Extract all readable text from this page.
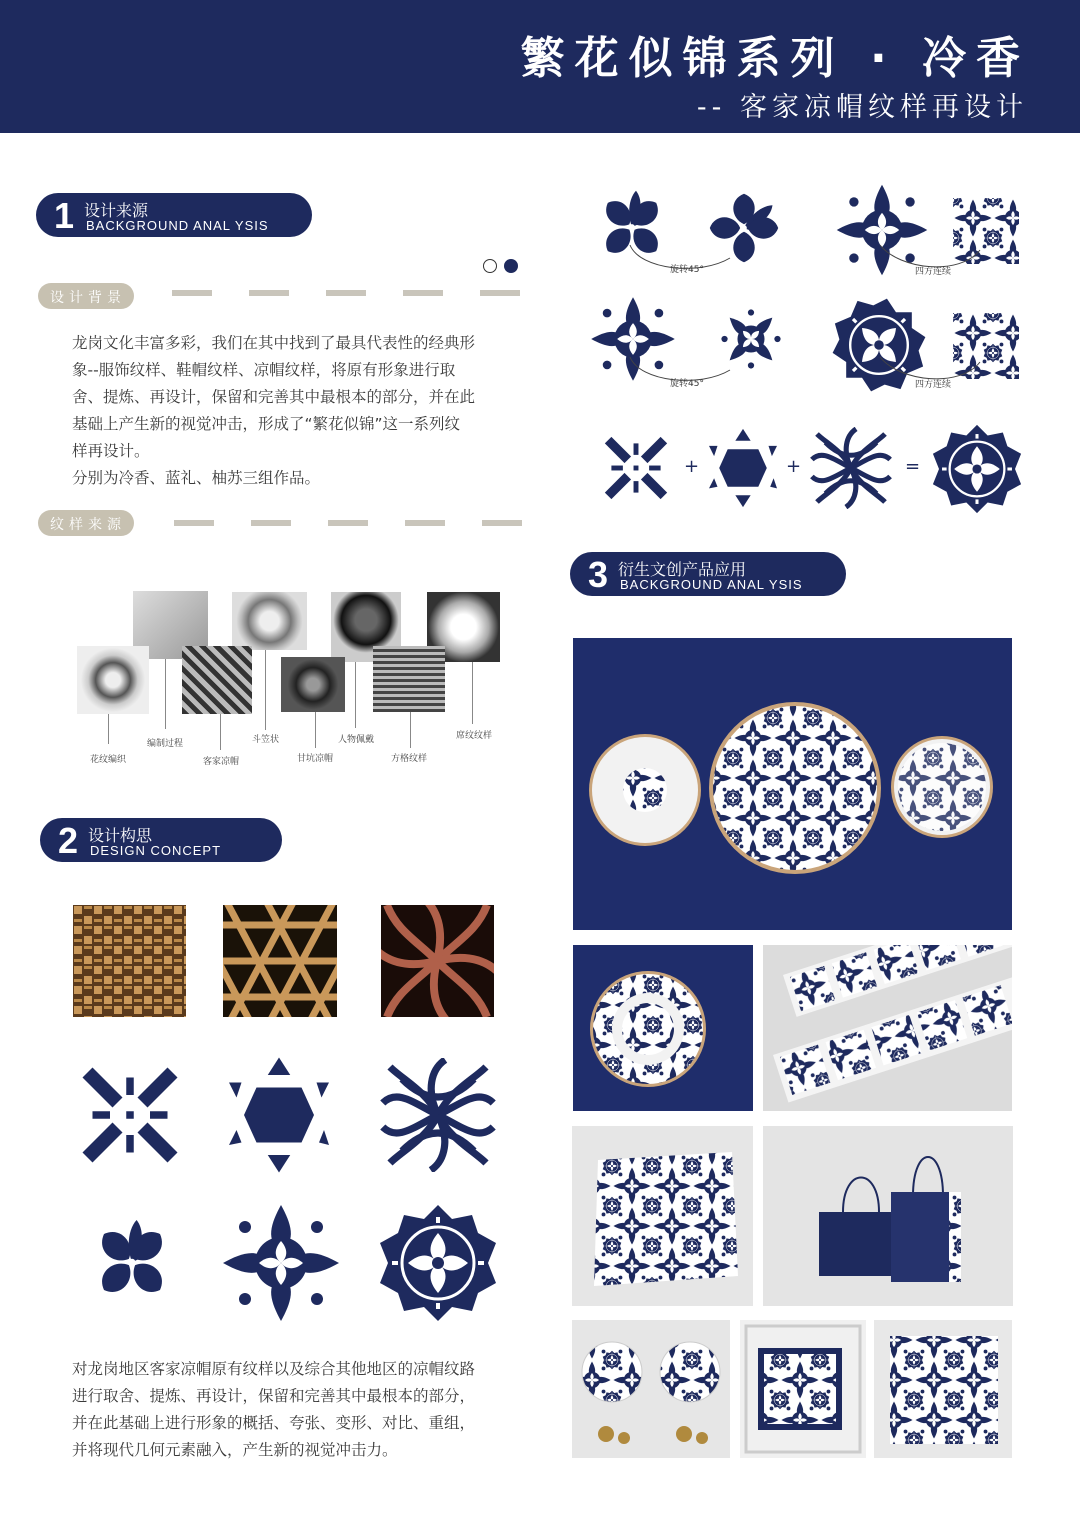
繁花似锦系列 · 冷香
-- 客家凉帽纹样再设计
1 设计来源
BACKGROUND ANAL YSIS
设计背景
龙岗文化丰富多彩，我们在其中找到了最具代表性的经典形
象--服饰纹样、鞋帽纹样、凉帽纹样，将原有形象进行取
舍、提炼、再设计，保留和完善其中最根本的部分，并在此
基础上产生新的视觉冲击，形成了“繁花似锦”这一系列纹
样再设计。
分别为冷香、蓝礼、柚苏三组作品。
纹样来源
花纹编织
编制过程
客家凉帽
斗笠状
甘坑凉帽
人物佩戴
方格纹样
席纹纹样
2 设计构思
DESIGN CONCEPT
对龙岗地区客家凉帽原有纹样以及综合其他地区的凉帽纹路
进行取舍、提炼、再设计，保留和完善其中最根本的部分，
并在此基础上进行形象的概括、夸张、变形、对比、重组，
并将现代几何元素融入，产生新的视觉冲击力。
旋转45°	四方连续
旋转45°	四方连续
+	+	=
3 衍生文创产品应用
BACKGROUND ANAL YSIS
